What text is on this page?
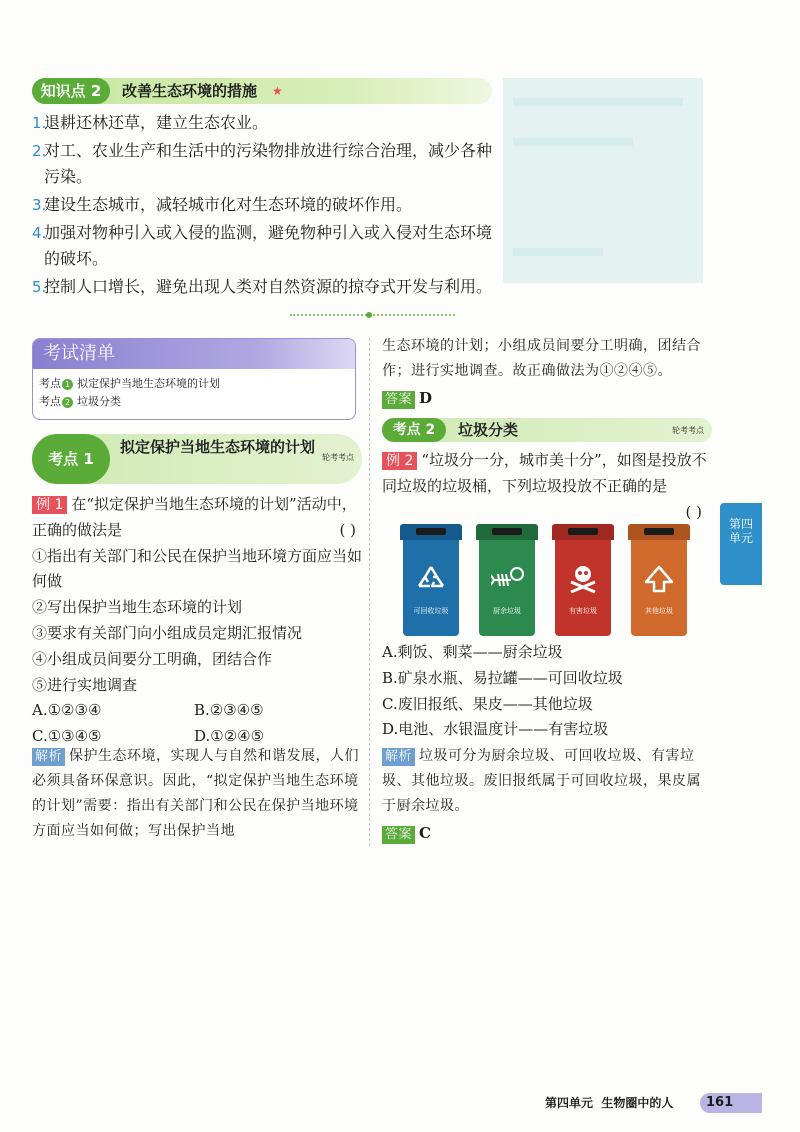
知识点 2	改善生态环境的措施 ★
1.
退耕还林还草，建立生态农业。
2.
对工、农业生产和生活中的污染物排放进行综合治理，减少各种污染。
3.
建设生态城市，减轻城市化对生态环境的破坏作用。
4.
加强对物种引入或入侵的监测，避免物种引入或入侵对生态环境的破坏。
5.
控制人口增长，避免出现人类对自然资源的掠夺式开发与利用。
考试清单
考点 1 拟定保护当地生态环境的计划
考点 2 垃圾分类
考点 1
拟定保护当地生态环境的计划
轮考考点
例 1 在“拟定保护当地生态环境的计划”活动中，正确的做法是	( )
①指出有关部门和公民在保护当地环境方面应当如何做
②写出保护当地生态环境的计划
③要求有关部门向小组成员定期汇报情况
④小组成员间要分工明确，团结合作
⑤进行实地调查
A.①②③④	B.②③④⑤
C.①③④⑤	D.①②④⑤
解析 保护生态环境，实现人与自然和谐发展，人们必须具备环保意识。因此，“拟定保护当地生态环境的计划”需要：指出有关部门和公民在保护当地环境方面应当如何做；写出保护当地
生态环境的计划；小组成员间要分工明确，团结合作；进行实地调查。故正确做法为①②④⑤。
答案 D
考点 2	垃圾分类	轮考考点
例 2 “垃圾分一分，城市美十分”，如图是投放不同垃圾的垃圾桶，下列垃圾投放不正确的是
( )
可回收垃圾	厨余垃圾	有害垃圾	其他垃圾
A.剩饭、剩菜——厨余垃圾
B.矿泉水瓶、易拉罐——可回收垃圾
C.废旧报纸、果皮——其他垃圾
D.电池、水银温度计——有害垃圾
解析 垃圾可分为厨余垃圾、可回收垃圾、有害垃圾、其他垃圾。废旧报纸属于可回收垃圾，果皮属于厨余垃圾。
答案 C
第四
单元
第四单元 生物圈中的人	161
